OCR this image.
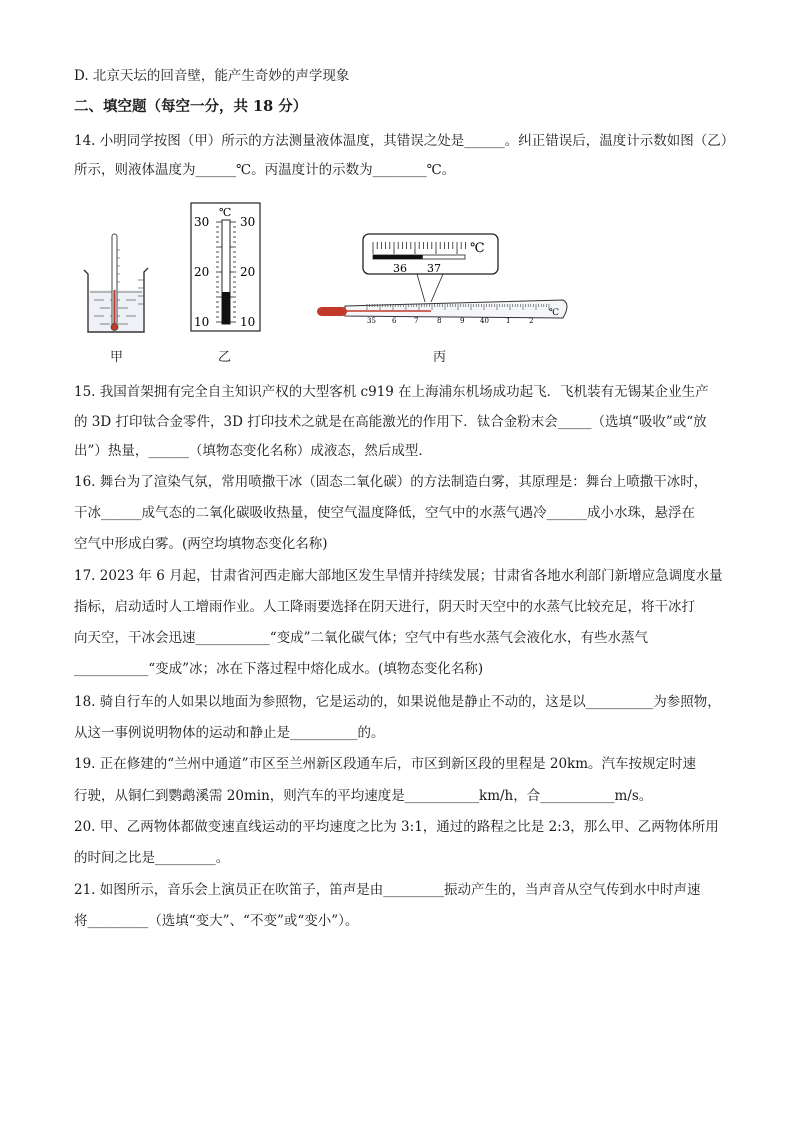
D. 北京天坛的回音壁，能产生奇妙的声学现象
二、填空题（每空一分，共 18 分）
14. 小明同学按图（甲）所示的方法测量液体温度，其错误之处是______。纠正错误后，温度计示数如图（乙）
所示，则液体温度为______℃。丙温度计的示数为________℃。
甲
℃
30
20
10
30
20
10
乙
36 37
℃
35 6	7	8	9 40 1	2
℃
丙
15. 我国首架拥有完全自主知识产权的大型客机 c919 在上海浦东机场成功起飞．飞机装有无锡某企业生产
的 3D 打印钛合金零件，3D 打印技术之就是在高能激光的作用下．钛合金粉末会_____（选填“吸收”或“放
出”）热量，______（填物态变化名称）成液态，然后成型．
16. 舞台为了渲染气氛，常用喷撒干冰（固态二氧化碳）的方法制造白雾，其原理是：舞台上喷撒干冰时，
干冰______成气态的二氧化碳吸收热量，使空气温度降低，空气中的水蒸气遇冷______成小水珠，悬浮在
空气中形成白雾。(两空均填物态变化名称)
17. 2023 年 6 月起，甘肃省河西走廊大部地区发生旱情并持续发展；甘肃省各地水利部门新增应急调度水量
指标，启动适时人工增雨作业。人工降雨要选择在阴天进行，阴天时天空中的水蒸气比较充足，将干冰打
向天空，干冰会迅速___________“变成”二氧化碳气体；空气中有些水蒸气会液化水，有些水蒸气
___________“变成”冰；冰在下落过程中熔化成水。(填物态变化名称)
18. 骑自行车的人如果以地面为参照物，它是运动的，如果说他是静止不动的，这是以__________为参照物，
从这一事例说明物体的运动和静止是__________的。
19. 正在修建的“兰州中通道”市区至兰州新区段通车后，市区到新区段的里程是 20km。汽车按规定时速
行驶，从铜仁到鹦鹉溪需 20min，则汽车的平均速度是___________km/h，合___________m/s。
20. 甲、乙两物体都做变速直线运动的平均速度之比为 3:1，通过的路程之比是 2:3，那么甲、乙两物体所用
的时间之比是_________。
21. 如图所示，音乐会上演员正在吹笛子，笛声是由_________振动产生的，当声音从空气传到水中时声速
将_________（选填“变大”、“不变”或“变小”）。
